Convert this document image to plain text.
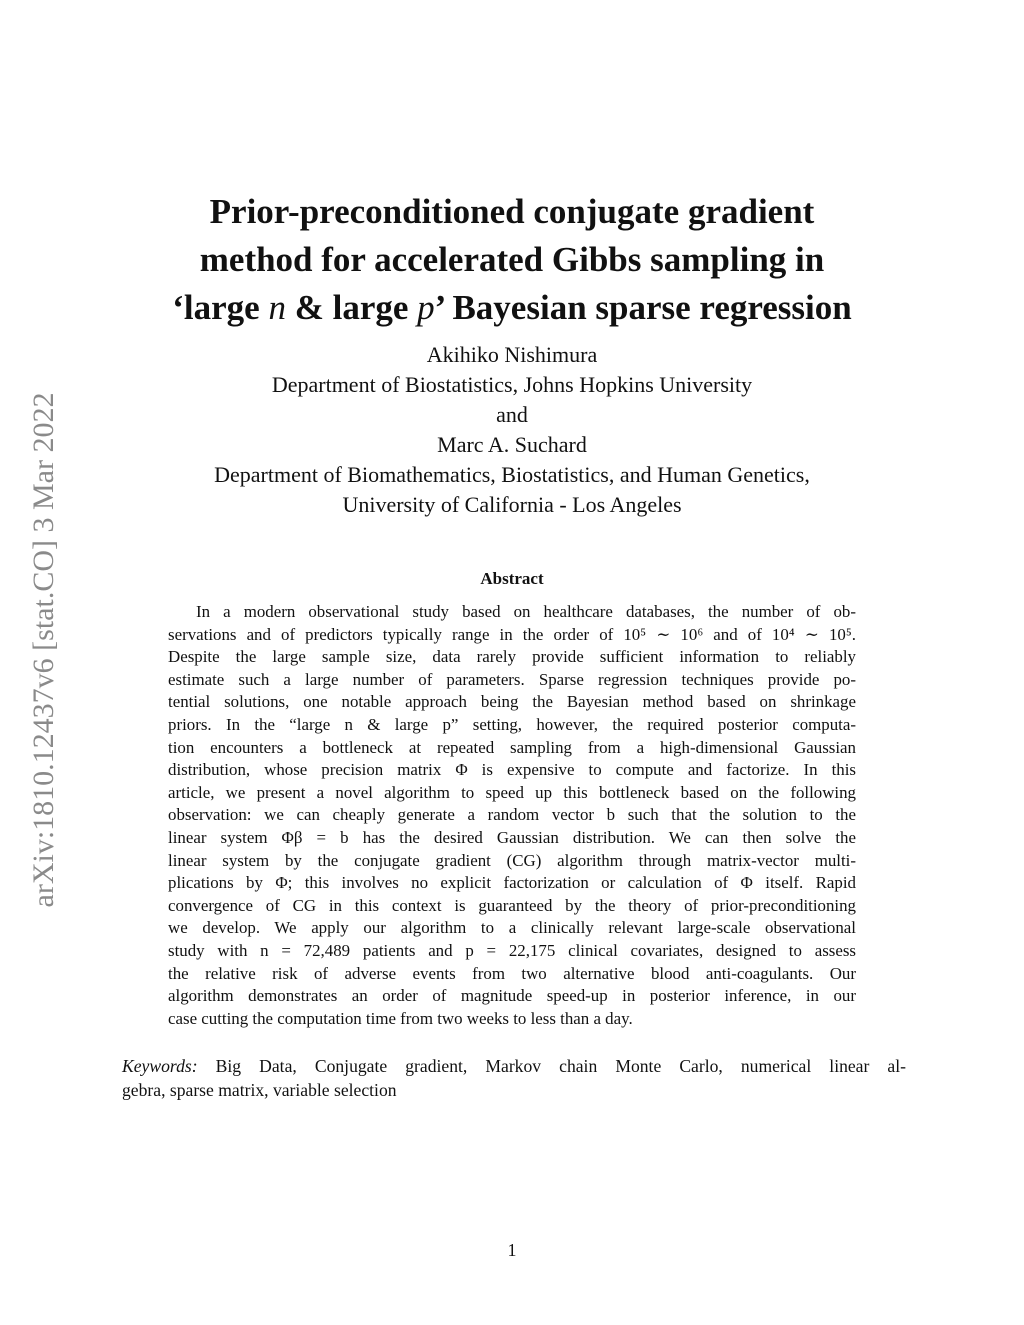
arXiv:1810.12437v6 [stat.CO] 3 Mar 2022
Prior-preconditioned conjugate gradient
method for accelerated Gibbs sampling in
‘large n & large p’ Bayesian sparse regression
Akihiko Nishimura
Department of Biostatistics, Johns Hopkins University
and
Marc A. Suchard
Department of Biomathematics, Biostatistics, and Human Genetics,
University of California - Los Angeles
Abstract
In a modern observational study based on healthcare databases, the number of ob-
servations and of predictors typically range in the order of 10⁵ ∼ 10⁶ and of 10⁴ ∼ 10⁵.
Despite the large sample size, data rarely provide sufficient information to reliably
estimate such a large number of parameters. Sparse regression techniques provide po-
tential solutions, one notable approach being the Bayesian method based on shrinkage
priors. In the “large n & large p” setting, however, the required posterior computa-
tion encounters a bottleneck at repeated sampling from a high-dimensional Gaussian
distribution, whose precision matrix Φ is expensive to compute and factorize. In this
article, we present a novel algorithm to speed up this bottleneck based on the following
observation: we can cheaply generate a random vector b such that the solution to the
linear system Φβ = b has the desired Gaussian distribution. We can then solve the
linear system by the conjugate gradient (CG) algorithm through matrix-vector multi-
plications by Φ; this involves no explicit factorization or calculation of Φ itself. Rapid
convergence of CG in this context is guaranteed by the theory of prior-preconditioning
we develop. We apply our algorithm to a clinically relevant large-scale observational
study with n = 72,489 patients and p = 22,175 clinical covariates, designed to assess
the relative risk of adverse events from two alternative blood anti-coagulants. Our
algorithm demonstrates an order of magnitude speed-up in posterior inference, in our
case cutting the computation time from two weeks to less than a day.
Keywords: Big Data, Conjugate gradient, Markov chain Monte Carlo, numerical linear al-
gebra, sparse matrix, variable selection
1
